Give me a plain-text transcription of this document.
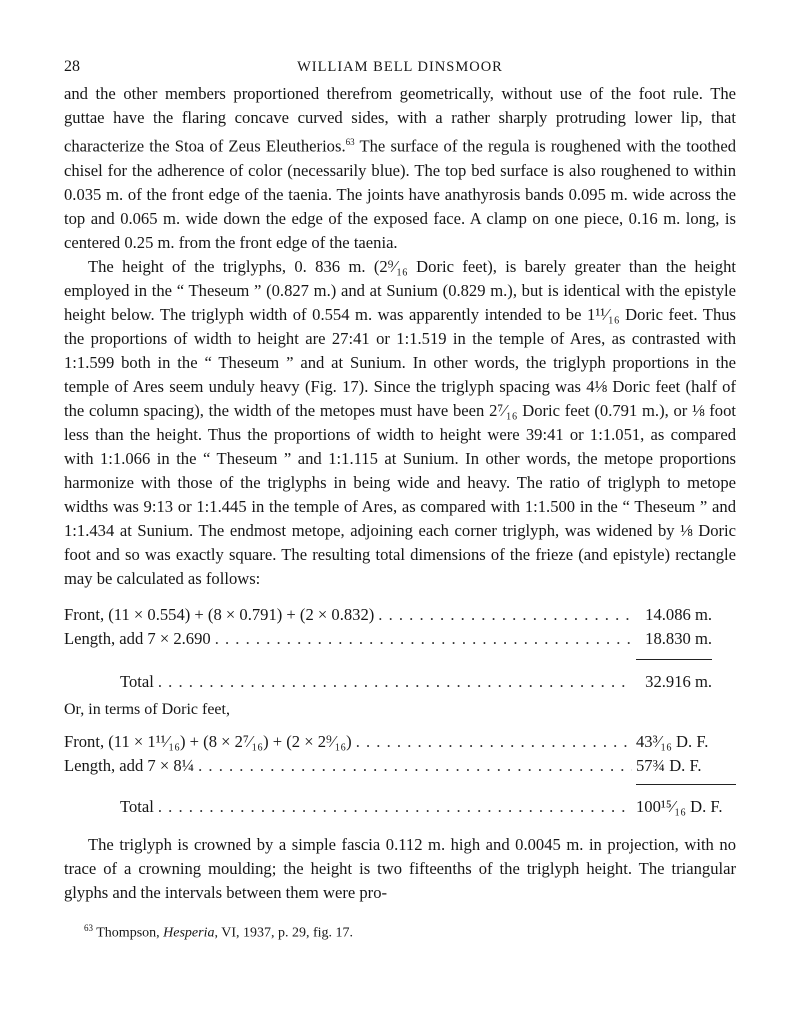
28	WILLIAM BELL DINSMOOR

and the other members proportioned therefrom geometrically, without use of the foot rule. The guttae have the flaring concave curved sides, with a rather sharply protruding lower lip, that characterize the Stoa of Zeus Eleutherios.$^{63}$ The surface of the regula is roughened with the toothed chisel for the adherence of color (necessarily blue). The top bed surface is also roughened to within 0.035 m. of the front edge of the taenia. The joints have anathyrosis bands 0.095 m. wide across the top and 0.065 m. wide down the edge of the exposed face. A clamp on one piece, 0.16 m. long, is centered 0.25 m. from the front edge of the taenia.

The height of the triglyphs, 0. 836 m. (2⁹⁄₁₆ Doric feet), is barely greater than the height employed in the “ Theseum ” (0.827 m.) and at Sunium (0.829 m.), but is identical with the epistyle height below. The triglyph width of 0.554 m. was apparently intended to be 1¹¹⁄₁₆ Doric feet. Thus the proportions of width to height are 27:41 or 1:1.519 in the temple of Ares, as contrasted with 1:1.599 both in the “ Theseum ” and at Sunium. In other words, the triglyph proportions in the temple of Ares seem unduly heavy (Fig. 17). Since the triglyph spacing was 4⅛ Doric feet (half of the column spacing), the width of the metopes must have been 2⁷⁄₁₆ Doric feet (0.791 m.), or ⅛ foot less than the height. Thus the proportions of width to height were 39:41 or 1:1.051, as compared with 1:1.066 in the “ Theseum ” and 1:1.115 at Sunium. In other words, the metope proportions harmonize with those of the triglyphs in being wide and heavy. The ratio of triglyph to metope widths was 9:13 or 1:1.445 in the temple of Ares, as compared with 1:1.500 in the “ Theseum ” and 1:1.434 at Sunium. The endmost metope, adjoining each corner triglyph, was widened by ⅛ Doric foot and so was exactly square. The resulting total dimensions of the frieze (and epistyle) rectangle may be calculated as follows:

Front, (11 × 0.554) + (8 × 0.791) + (2 × 0.832) . . .	14.086 m.
Length, add 7 × 2.690 . . .	18.830 m.
Total . . .	32.916 m.
Or, in terms of Doric feet,
Front, (11 × 1¹¹⁄₁₆) + (8 × 2⁷⁄₁₆) + (2 × 2⁹⁄₁₆) . . .	43³⁄₁₆ D. F.
Length, add 7 × 8¼ . . .	57¾ D. F.
Total . . .	100¹⁵⁄₁₆ D. F.

The triglyph is crowned by a simple fascia 0.112 m. high and 0.0045 m. in projection, with no trace of a crowning moulding; the height is two fifteenths of the triglyph height. The triangular glyphs and the intervals between them were pro-

$^{63}$ Thompson, Hesperia, VI, 1937, p. 29, fig. 17.
